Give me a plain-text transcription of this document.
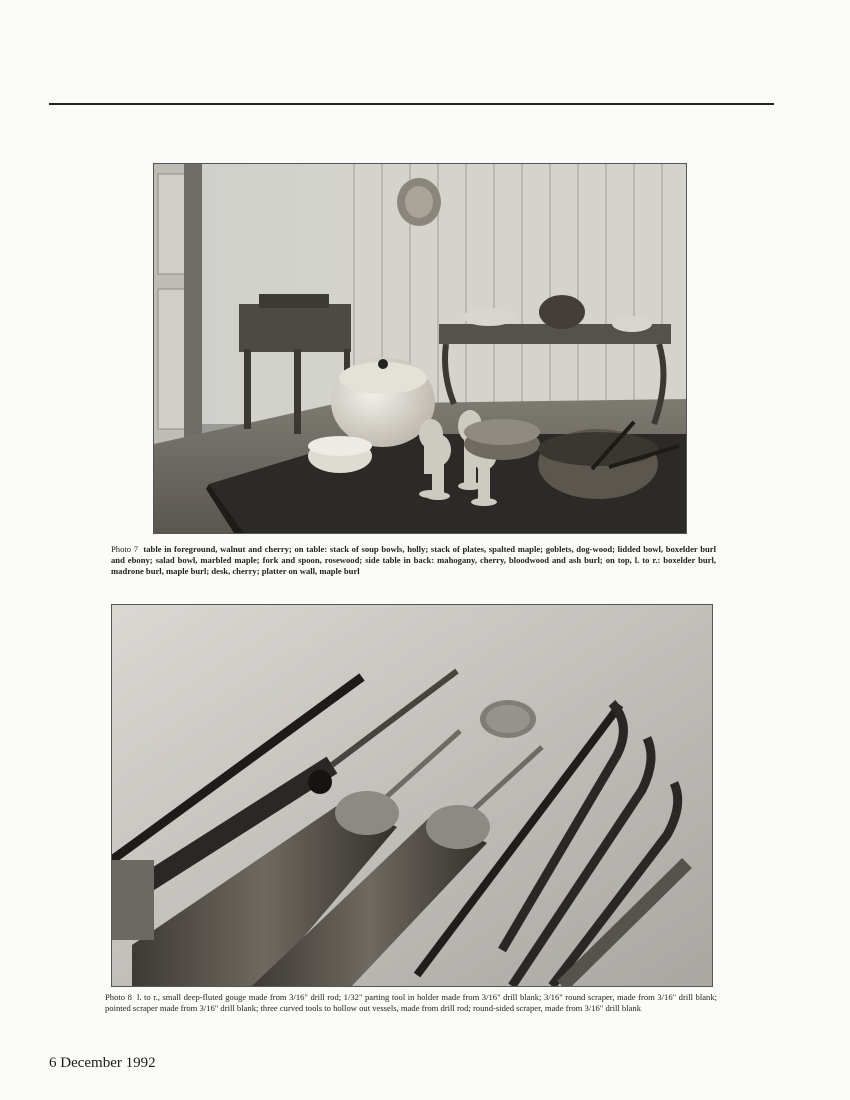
Photo 7 table in foreground, walnut and cherry; on table: stack of soup bowls, holly; stack of plates, spalted maple; goblets, dog-wood; lidded bowl, boxelder burl and ebony; salad bowl, marbled maple; fork and spoon, rosewood; side table in back: mahogany, cherry, bloodwood and ash burl; on top, l. to r.: boxelder burl, madrone burl, maple burl; desk, cherry; platter on wall, maple burl
Photo 8 l. to r., small deep-fluted gouge made from 3/16" drill rod; 1/32" parting tool in holder made from 3/16" drill blank; 3/16" round scraper, made from 3/16" drill blank; pointed scraper made from 3/16" drill blank; three curved tools to hollow out vessels, made from drill rod; round-sided scraper, made from 3/16" drill blank
6 December 1992
